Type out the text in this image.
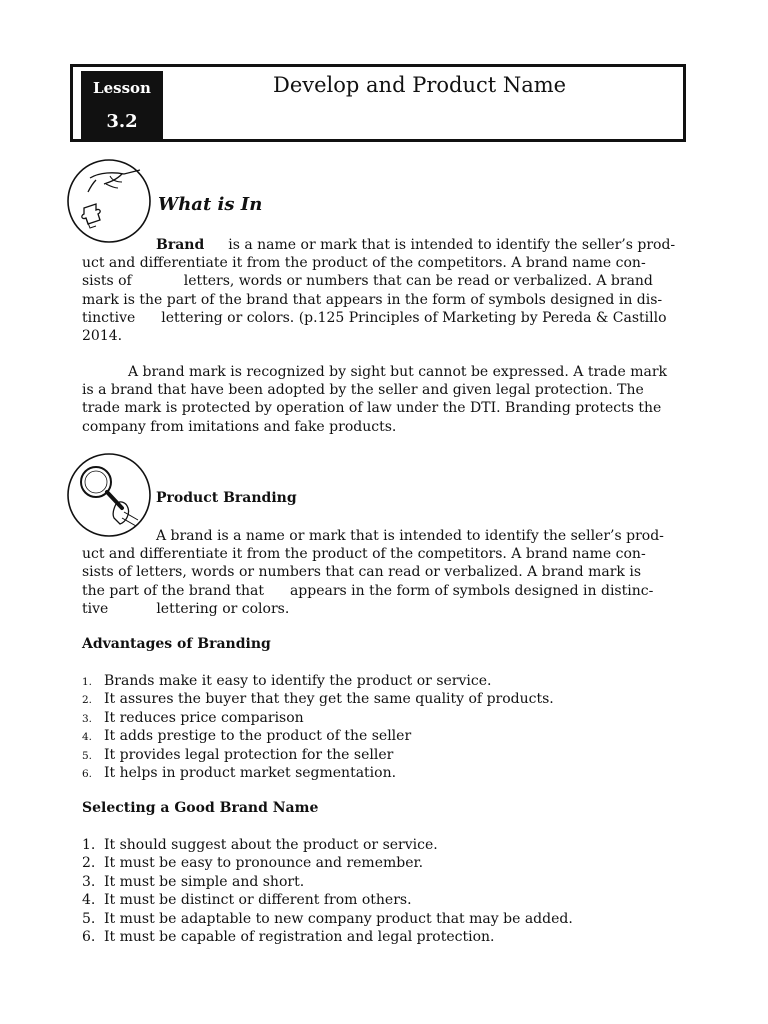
Lesson
3.2
Develop and Product Name
What is In
Brand is a name or mark that is intended to identify the seller’s prod-
uct and differentiate it from the product of the competitors. A brand name con-
sists of	letters, words or numbers that can be read or verbalized. A brand
mark is the part of the brand that appears in the form of symbols designed in dis-
tinctive lettering or colors. (p.125 Principles of Marketing by Pereda & Castillo
2014.
A brand mark is recognized by sight but cannot be expressed. A trade mark
is a brand that have been adopted by the seller and given legal protection. The
trade mark is protected by operation of law under the DTI. Branding protects the
company from imitations and fake products.
Product Branding
A brand is a name or mark that is intended to identify the seller’s prod-
uct and differentiate it from the product of the competitors. A brand name con-
sists of letters, words or numbers that can read or verbalized. A brand mark is
the part of the brand that appears in the form of symbols designed in distinc-
tive	lettering or colors.
Advantages of Branding
1. Brands make it easy to identify the product or service.
2. It assures the buyer that they get the same quality of products.
3. It reduces price comparison
4. It adds prestige to the product of the seller
5. It provides legal protection for the seller
6. It helps in product market segmentation.
Selecting a Good Brand Name
1. It should suggest about the product or service.
2. It must be easy to pronounce and remember.
3. It must be simple and short.
4. It must be distinct or different from others.
5. It must be adaptable to new company product that may be added.
6. It must be capable of registration and legal protection.
